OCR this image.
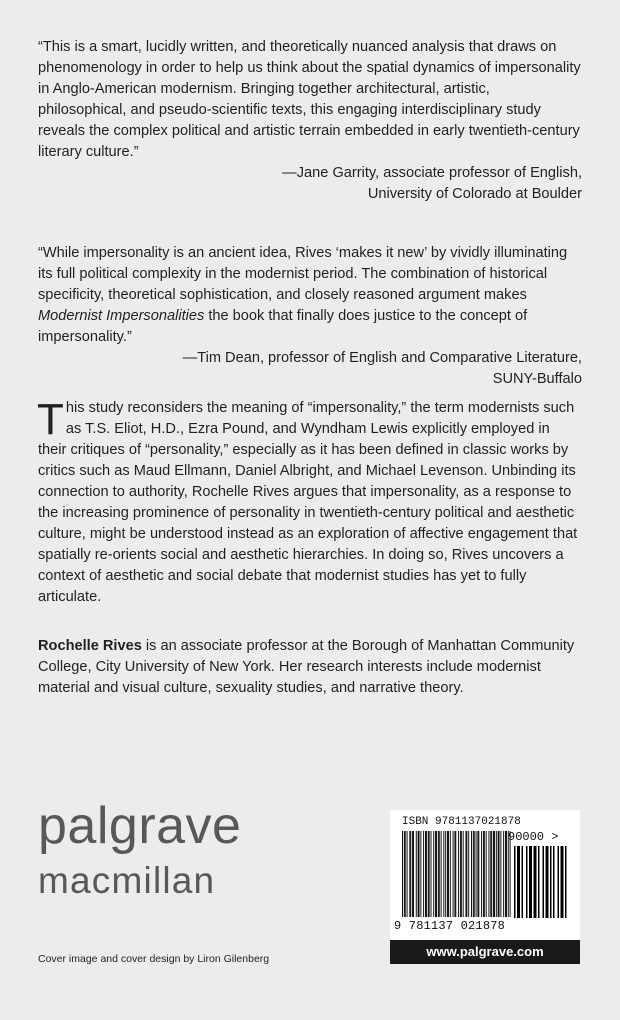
“This is a smart, lucidly written, and theoretically nuanced analysis that draws on phenomenology in order to help us think about the spatial dynamics of impersonality in Anglo-American modernism. Bringing together architectural, artistic, philosophical, and pseudo-scientific texts, this engaging interdisciplinary study reveals the complex political and artistic terrain embedded in early twentieth-century literary culture.”

—Jane Garrity, associate professor of English,
University of Colorado at Boulder

“While impersonality is an ancient idea, Rives ‘makes it new’ by vividly illuminating its full political complexity in the modernist period. The combination of historical specificity, theoretical sophistication, and closely reasoned argument makes Modernist Impersonalities the book that finally does justice to the concept of impersonality.”

—Tim Dean, professor of English and Comparative Literature,
SUNY-Buffalo

This study reconsiders the meaning of “impersonality,” the term modernists such as T.S. Eliot, H.D., Ezra Pound, and Wyndham Lewis explicitly employed in their critiques of “personality,” especially as it has been defined in classic works by critics such as Maud Ellmann, Daniel Albright, and Michael Levenson. Unbinding its connection to authority, Rochelle Rives argues that impersonality, as a response to the increasing prominence of personality in twentieth-century political and aesthetic culture, might be understood instead as an exploration of affective engagement that spatially re-orients social and aesthetic hierarchies. In doing so, Rives uncovers a context of aesthetic and social debate that modernist studies has yet to fully articulate.

Rochelle Rives is an associate professor at the Borough of Manhattan Community College, City University of New York. Her research interests include modernist material and visual culture, sexuality studies, and narrative theory.

palgrave
macmillan
Cover image and cover design by Liron Gilenberg
ISBN 9781137021878
90000 >
9 781137 021878
www.palgrave.com
